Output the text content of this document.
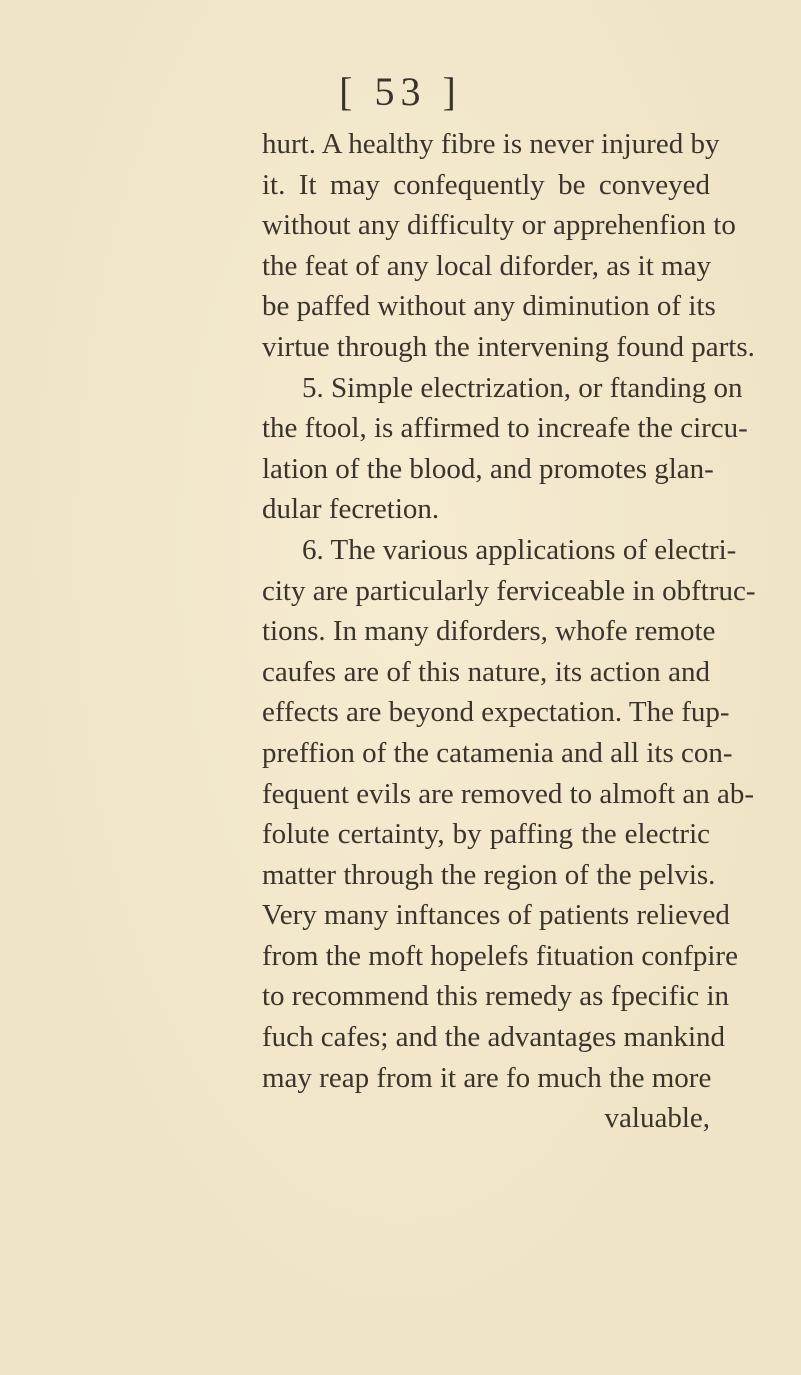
[ 53 ]
hurt. A healthy fibre is never injured by
it. It may confequently be conveyed
without any difficulty or apprehenfion to
the feat of any local diforder, as it may
be paffed without any diminution of its
virtue through the intervening found parts.
5. Simple electrization, or ftanding on
the ftool, is affirmed to increafe the circu-
lation of the blood, and promotes glan-
dular fecretion.
6. The various applications of electri-
city are particularly ferviceable in obftruc-
tions. In many diforders, whofe remote
caufes are of this nature, its action and
effects are beyond expectation. The fup-
preffion of the catamenia and all its con-
fequent evils are removed to almoft an ab-
folute certainty, by paffing the electric
matter through the region of the pelvis.
Very many inftances of patients relieved
from the moft hopelefs fituation confpire
to recommend this remedy as fpecific in
fuch cafes; and the advantages mankind
may reap from it are fo much the more
valuable,
